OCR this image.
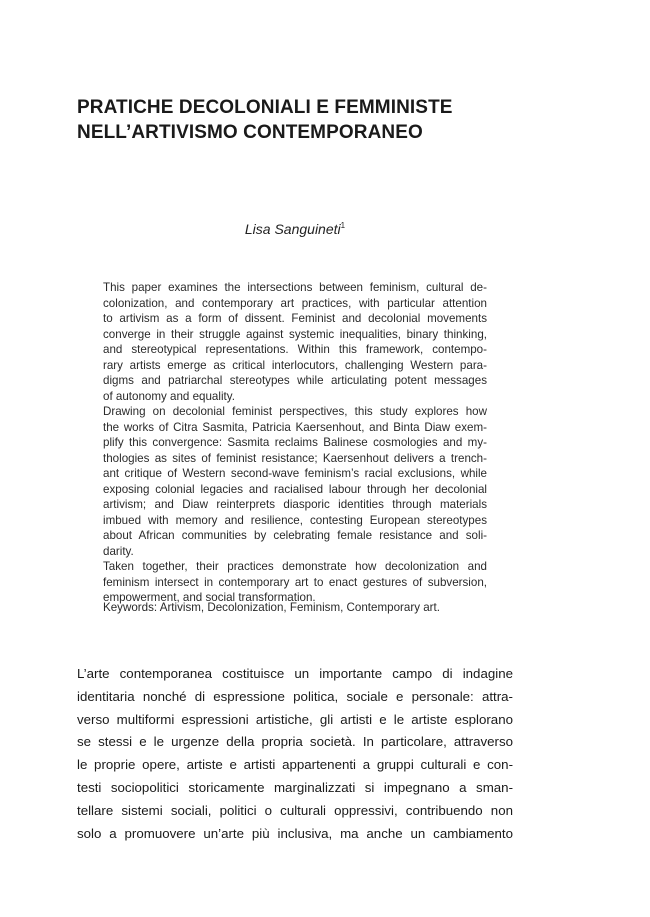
PRATICHE DECOLONIALI E FEMMINISTE
NELL’ARTIVISMO CONTEMPORANEO
Lisa Sanguineti$^1$
This paper examines the intersections between feminism, cultural de-
colonization, and contemporary art practices, with particular attention
to artivism as a form of dissent. Feminist and decolonial movements
converge in their struggle against systemic inequalities, binary thinking,
and stereotypical representations. Within this framework, contempo-
rary artists emerge as critical interlocutors, challenging Western para-
digms and patriarchal stereotypes while articulating potent messages
of autonomy and equality.
Drawing on decolonial feminist perspectives, this study explores how
the works of Citra Sasmita, Patricia Kaersenhout, and Binta Diaw exem-
plify this convergence: Sasmita reclaims Balinese cosmologies and my-
thologies as sites of feminist resistance; Kaersenhout delivers a trench-
ant critique of Western second-wave feminism’s racial exclusions, while
exposing colonial legacies and racialised labour through her decolonial
artivism; and Diaw reinterprets diasporic identities through materials
imbued with memory and resilience, contesting European stereotypes
about African communities by celebrating female resistance and soli-
darity.
Taken together, their practices demonstrate how decolonization and
feminism intersect in contemporary art to enact gestures of subversion,
empowerment, and social transformation.
Keywords: Artivism, Decolonization, Feminism, Contemporary art.
L’arte contemporanea costituisce un importante campo di indagine
identitaria nonché di espressione politica, sociale e personale: attra-
verso multiformi espressioni artistiche, gli artisti e le artiste esplorano
se stessi e le urgenze della propria società. In particolare, attraverso
le proprie opere, artiste e artisti appartenenti a gruppi culturali e con-
testi sociopolitici storicamente marginalizzati si impegnano a sman-
tellare sistemi sociali, politici o culturali oppressivi, contribuendo non
solo a promuovere un’arte più inclusiva, ma anche un cambiamento
